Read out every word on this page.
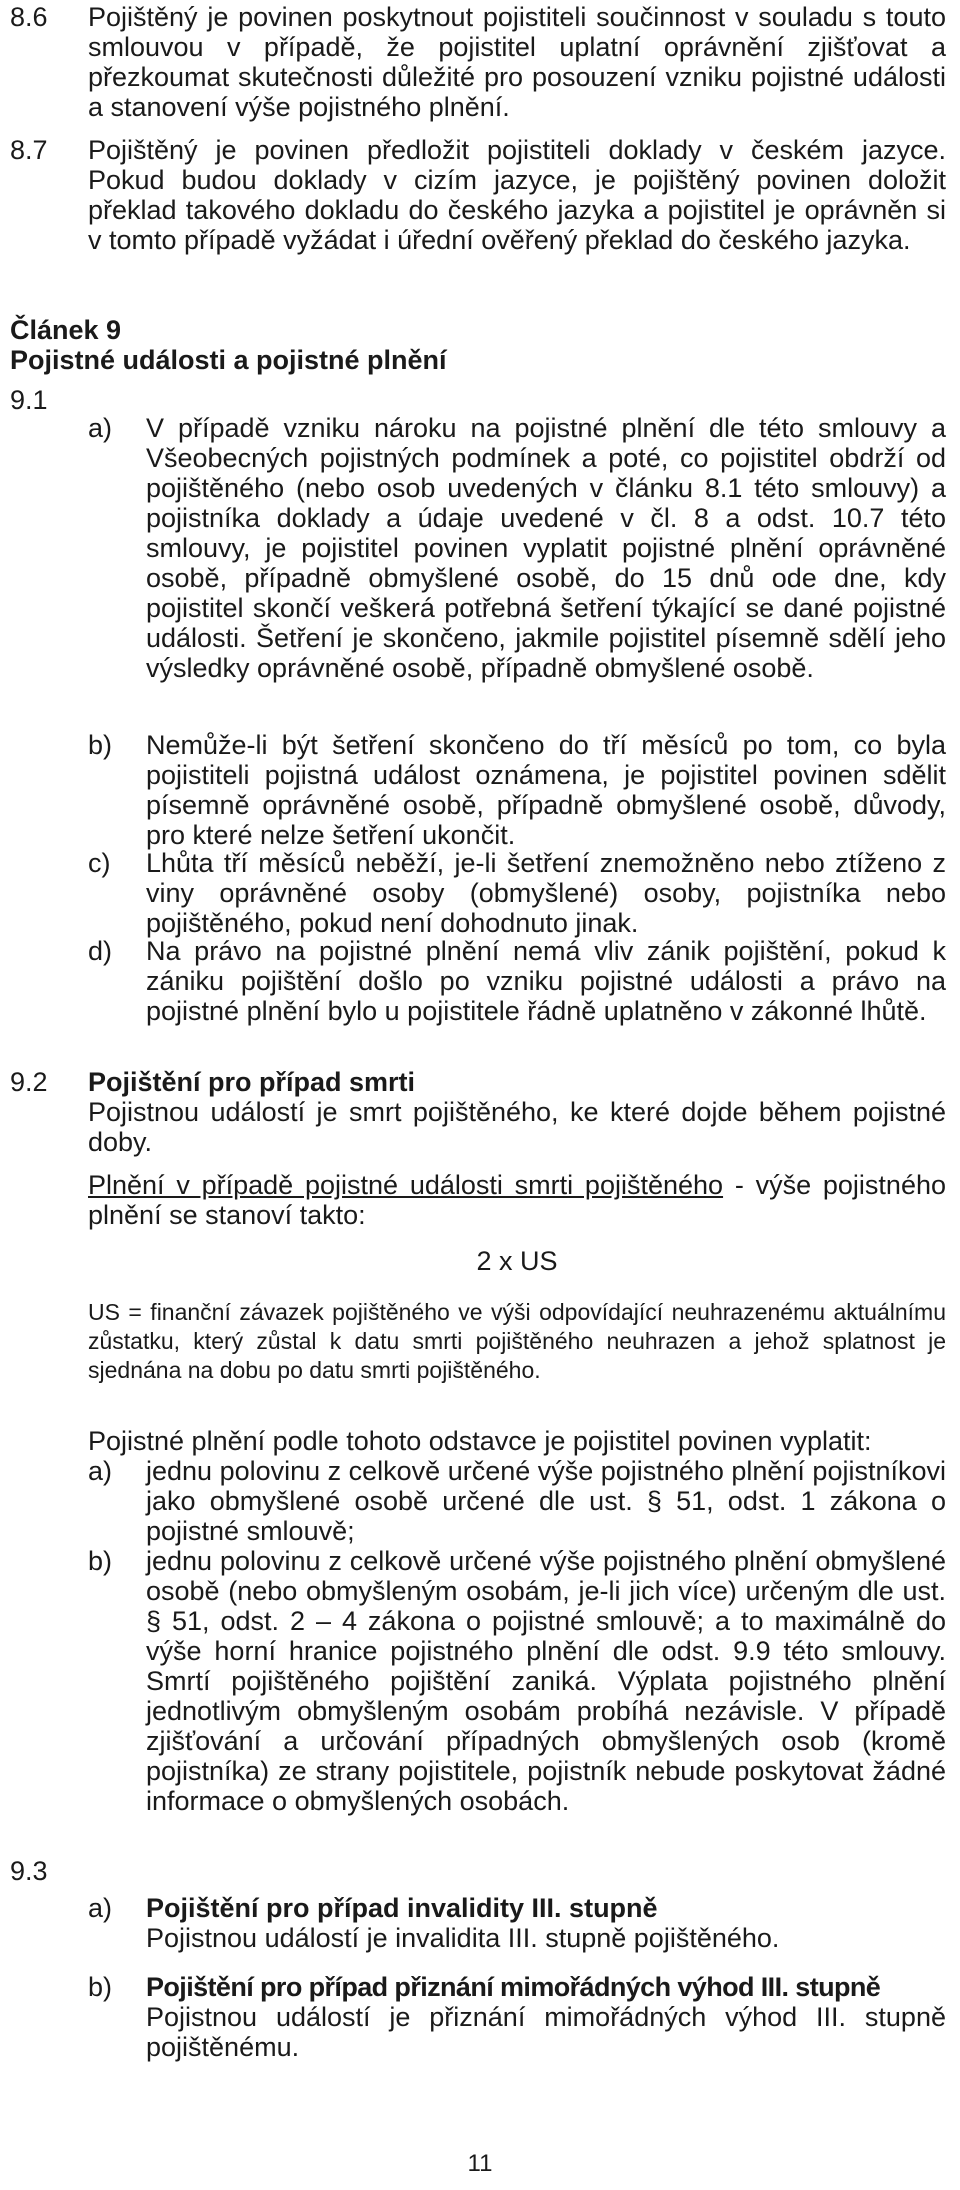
8.6 Pojištěný je povinen poskytnout pojistiteli součinnost v souladu s touto smlouvou v případě, že pojistitel uplatní oprávnění zjišťovat a přezkoumat skutečnosti důležité pro posouzení vzniku pojistné události a stanovení výše pojistného plnění.
8.7 Pojištěný je povinen předložit pojistiteli doklady v českém jazyce. Pokud budou doklady v cizím jazyce, je pojištěný povinen doložit překlad takového dokladu do českého jazyka a pojistitel je oprávněn si v tomto případě vyžádat i úřední ověřený překlad do českého jazyka.
Článek 9
Pojistné události a pojistné plnění
9.1
a) V případě vzniku nároku na pojistné plnění dle této smlouvy a Všeobecných pojistných podmínek a poté, co pojistitel obdrží od pojištěného (nebo osob uvedených v článku 8.1 této smlouvy) a pojistníka doklady a údaje uvedené v čl. 8 a odst. 10.7 této smlouvy, je pojistitel povinen vyplatit pojistné plnění oprávněné osobě, případně obmyšlené osobě, do 15 dnů ode dne, kdy pojistitel skončí veškerá potřebná šetření týkající se dané pojistné události. Šetření je skončeno, jakmile pojistitel písemně sdělí jeho výsledky oprávněné osobě, případně obmyšlené osobě.
b) Nemůže-li být šetření skončeno do tří měsíců po tom, co byla pojistiteli pojistná událost oznámena, je pojistitel povinen sdělit písemně oprávněné osobě, případně obmyšlené osobě, důvody, pro které nelze šetření ukončit.
c) Lhůta tří měsíců neběží, je-li šetření znemožněno nebo ztíženo z viny oprávněné osoby (obmyšlené) osoby, pojistníka nebo pojištěného, pokud není dohodnuto jinak.
d) Na právo na pojistné plnění nemá vliv zánik pojištění, pokud k zániku pojištění došlo po vzniku pojistné události a právo na pojistné plnění bylo u pojistitele řádně uplatněno v zákonné lhůtě.
9.2 Pojištění pro případ smrti
Pojistnou událostí je smrt pojištěného, ke které dojde během pojistné doby.
Plnění v případě pojistné události smrti pojištěného - výše pojistného plnění se stanoví takto:
2 x US
US = finanční závazek pojištěného ve výši odpovídající neuhrazenému aktuálnímu zůstatku, který zůstal k datu smrti pojištěného neuhrazen a jehož splatnost je sjednána na dobu po datu smrti pojištěného.
Pojistné plnění podle tohoto odstavce je pojistitel povinen vyplatit:
a) jednu polovinu z celkově určené výše pojistného plnění pojistníkovi jako obmyšlené osobě určené dle ust. § 51, odst. 1 zákona o pojistné smlouvě;
b) jednu polovinu z celkově určené výše pojistného plnění obmyšlené osobě (nebo obmyšleným osobám, je-li jich více) určeným dle ust. § 51, odst. 2 – 4 zákona o pojistné smlouvě; a to maximálně do výše horní hranice pojistného plnění dle odst. 9.9 této smlouvy. Smrtí pojištěného pojištění zaniká. Výplata pojistného plnění jednotlivým obmyšleným osobám probíhá nezávisle. V případě zjišťování a určování případných obmyšlených osob (kromě pojistníka) ze strany pojistitele, pojistník nebude poskytovat žádné informace o obmyšlených osobách.
9.3
a) Pojištění pro případ invalidity III. stupně
Pojistnou událostí je invalidita III. stupně pojištěného.
b) Pojištění pro případ přiznání mimořádných výhod III. stupně
Pojistnou událostí je přiznání mimořádných výhod III. stupně pojištěnému.
11
